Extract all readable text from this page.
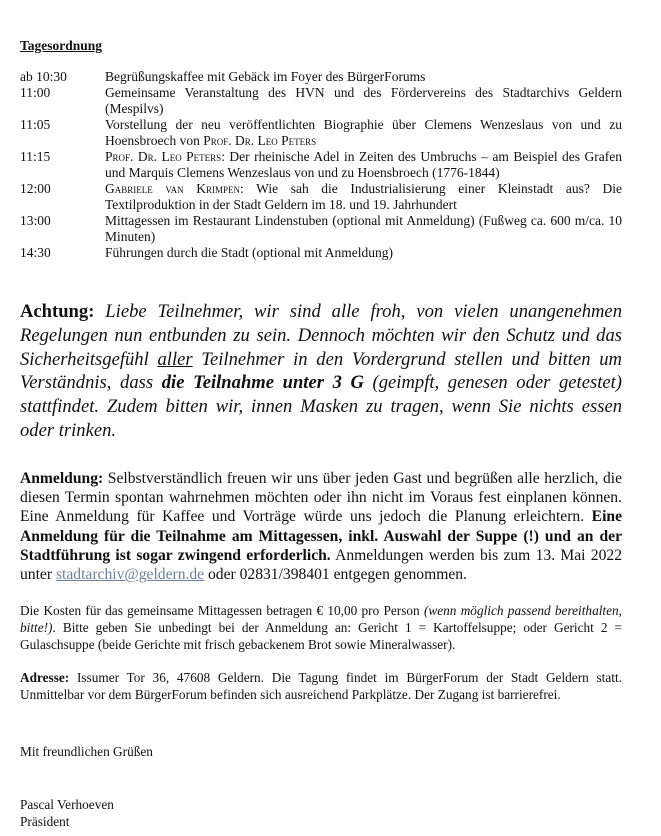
Tagesordnung
ab 10:30	Begrüßungskaffee mit Gebäck im Foyer des BürgerForums
11:00	Gemeinsame Veranstaltung des HVN und des Fördervereins des Stadtarchivs Geldern (Mespilvs)
11:05	Vorstellung der neu veröffentlichten Biographie über Clemens Wenzeslaus von und zu Hoensbroech von Prof. Dr. Leo Peters
11:15	Prof. Dr. Leo Peters: Der rheinische Adel in Zeiten des Umbruchs – am Beispiel des Grafen und Marquis Clemens Wenzeslaus von und zu Hoensbroech (1776-1844)
12:00	Gabriele van Krimpen: Wie sah die Industrialisierung einer Kleinstadt aus? Die Textilproduktion in der Stadt Geldern im 18. und 19. Jahrhundert
13:00	Mittagessen im Restaurant Lindenstuben (optional mit Anmeldung) (Fußweg ca. 600 m/ca. 10 Minuten)
14:30	Führungen durch die Stadt (optional mit Anmeldung)
Achtung: Liebe Teilnehmer, wir sind alle froh, von vielen unangenehmen Regelungen nun entbunden zu sein. Dennoch möchten wir den Schutz und das Sicherheitsgefühl aller Teilnehmer in den Vordergrund stellen und bitten um Verständnis, dass die Teilnahme unter 3 G (geimpft, genesen oder getestet) stattfindet. Zudem bitten wir, innen Masken zu tragen, wenn Sie nichts essen oder trinken.
Anmeldung: Selbstverständlich freuen wir uns über jeden Gast und begrüßen alle herzlich, die diesen Termin spontan wahrnehmen möchten oder ihn nicht im Voraus fest einplanen können. Eine Anmeldung für Kaffee und Vorträge würde uns jedoch die Planung erleichtern. Eine Anmeldung für die Teilnahme am Mittagessen, inkl. Auswahl der Suppe (!) und an der Stadtführung ist sogar zwingend erforderlich. Anmeldungen werden bis zum 13. Mai 2022 unter stadtarchiv@geldern.de oder 02831/398401 entgegen genommen.
Die Kosten für das gemeinsame Mittagessen betragen € 10,00 pro Person (wenn möglich passend bereithalten, bitte!). Bitte geben Sie unbedingt bei der Anmeldung an: Gericht 1 = Kartoffelsuppe; oder Gericht 2 = Gulaschsuppe (beide Gerichte mit frisch gebackenem Brot sowie Mineralwasser).
Adresse: Issumer Tor 36, 47608 Geldern. Die Tagung findet im BürgerForum der Stadt Geldern statt. Unmittelbar vor dem BürgerForum befinden sich ausreichend Parkplätze. Der Zugang ist barrierefrei.
Mit freundlichen Grüßen
Pascal Verhoeven
Präsident
